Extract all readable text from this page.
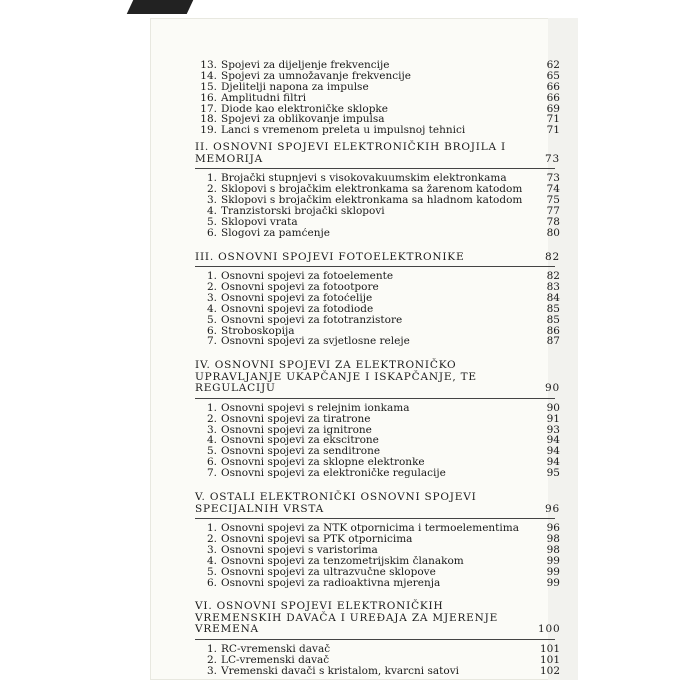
13. Spojevi za dijeljenje frekvencije	62
14. Spojevi za umnožavanje frekvencije	65
15. Djelitelji napona za impulse	66
16. Amplitudni filtri	66
17. Diode kao elektroničke sklopke	69
18. Spojevi za oblikovanje impulsa	71
19. Lanci s vremenom preleta u impulsnoj tehnici	71
II. OSNOVNI SPOJEVI ELEKTRONIČKIH BROJILA I MEMORIJA	73
1. Brojački stupnjevi s visokovakuumskim elektronkama	73
2. Sklopovi s brojačkim elektronkama sa žarenom katodom	74
3. Sklopovi s brojačkim elektronkama sa hladnom katodom	75
4. Tranzistorski brojački sklopovi	77
5. Sklopovi vrata	78
6. Slogovi za pamćenje	80
III. OSNOVNI SPOJEVI FOTOELEKTRONIKE	82
1. Osnovni spojevi za fotoelemente	82
2. Osnovni spojevi za fotootpore	83
3. Osnovni spojevi za fotoćelije	84
4. Osnovni spojevi za fotodiode	85
5. Osnovni spojevi za fototranzistore	85
6. Stroboskopija	86
7. Osnovni spojevi za svjetlosne releje	87
IV. OSNOVNI SPOJEVI ZA ELEKTRONIČKO UPRAVLJANJE UKAPČANJE I ISKAPČANJE, TE REGULACIJU	90
1. Osnovni spojevi s relejnim ionkama	90
2. Osnovni spojevi za tiratrone	91
3. Osnovni spojevi za ignitrone	93
4. Osnovni spojevi za ekscitrone	94
5. Osnovni spojevi za senditrone	94
6. Osnovni spojevi za sklopne elektronke	94
7. Osnovni spojevi za elektroničke regulacije	95
V. OSTALI ELEKTRONIČKI OSNOVNI SPOJEVI SPECIJALNIH VRSTA	96
1. Osnovni spojevi za NTK otpornicima i termoelementima	96
2. Osnovni spojevi sa PTK otpornicima	98
3. Osnovni spojevi s varistorima	98
4. Osnovni spojevi za tenzometrijskim članakom	99
5. Osnovni spojevi za ultrazvučne sklopove	99
6. Osnovni spojevi za radioaktivna mjerenja	99
VI. OSNOVNI SPOJEVI ELEKTRONIČKIH VREMENSKIH DAVAČA I UREĐAJA ZA MJERENJE VREMENA	100
1. RC-vremenski davač	101
2. LC-vremenski davač	101
3. Vremenski davači s kristalom, kvarcni satovi	102
